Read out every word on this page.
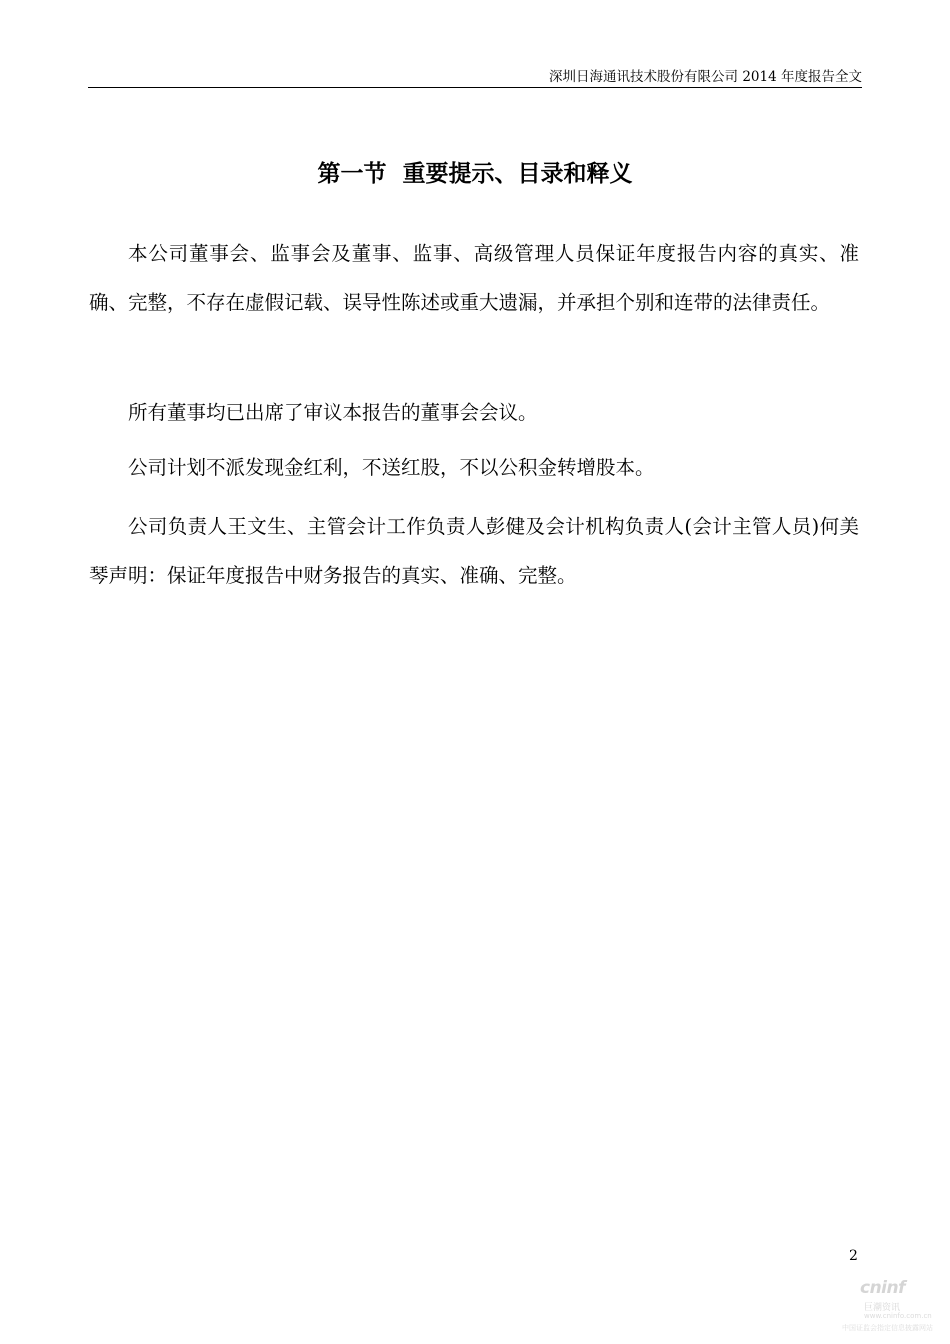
深圳日海通讯技术股份有限公司 2014 年度报告全文
第一节  重要提示、目录和释义

本公司董事会、监事会及董事、监事、高级管理人员保证年度报告内容的真实、准确、完整，不存在虚假记载、误导性陈述或重大遗漏，并承担个别和连带的法律责任。

所有董事均已出席了审议本报告的董事会会议。

公司计划不派发现金红利，不送红股，不以公积金转增股本。

公司负责人王文生、主管会计工作负责人彭健及会计机构负责人(会计主管人员)何美琴声明：保证年度报告中财务报告的真实、准确、完整。

2
cninf
巨潮资讯
www.cninfo.com.cn
中国证监会指定信息披露网站
